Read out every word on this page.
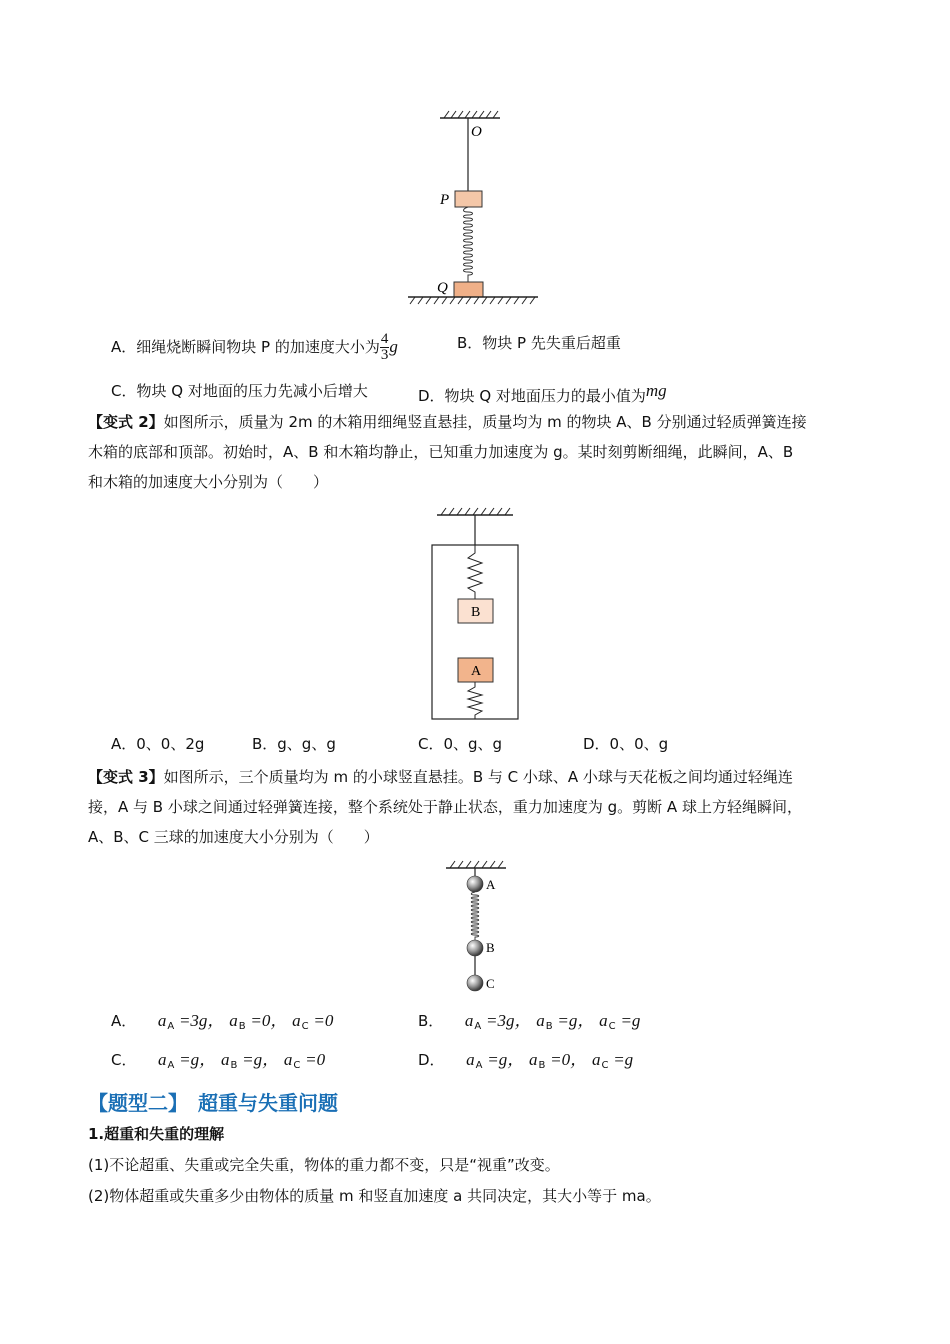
O
P
Q
A．细绳烧断瞬间物块 P 的加速度大小为 $\frac{4}{3}$ g	B．物块 P 先失重后超重
C．物块 Q 对地面的压力先减小后增大	D．物块 Q 对地面压力的最小值为mg
【变式 2】如图所示，质量为 2m 的木箱用细绳竖直悬挂，质量均为 m 的物块 A、B 分别通过轻质弹簧连接
木箱的底部和顶部。初始时，A、B 和木箱均静止，已知重力加速度为 g。某时刻剪断细绳，此瞬间，A、B
和木箱的加速度大小分别为（　　）
B
A
A．0、0、2g	B．g、g、g	C．0、g、g	D．0、0、g
【变式 3】如图所示，三个质量均为 m 的小球竖直悬挂。B 与 C 小球、A 小球与天花板之间均通过轻绳连
接，A 与 B 小球之间通过轻弹簧连接，整个系统处于静止状态，重力加速度为 g。剪断 A 球上方轻绳瞬间，
A、B、C 三球的加速度大小分别为（　　）
A
B
C
A． $a_A =3g$， $a_B =0$， $a_C =0$	B． $a_A =3g$， $a_B =g$， $a_C =g$
C． $a_A =g$， $a_B =g$， $a_C =0$	D． $a_A =g$， $a_B =0$， $a_C =g$
【题型二】　超重与失重问题
1.超重和失重的理解
(1)不论超重、失重或完全失重，物体的重力都不变，只是“视重”改变。
(2)物体超重或失重多少由物体的质量 m 和竖直加速度 a 共同决定，其大小等于 ma。
